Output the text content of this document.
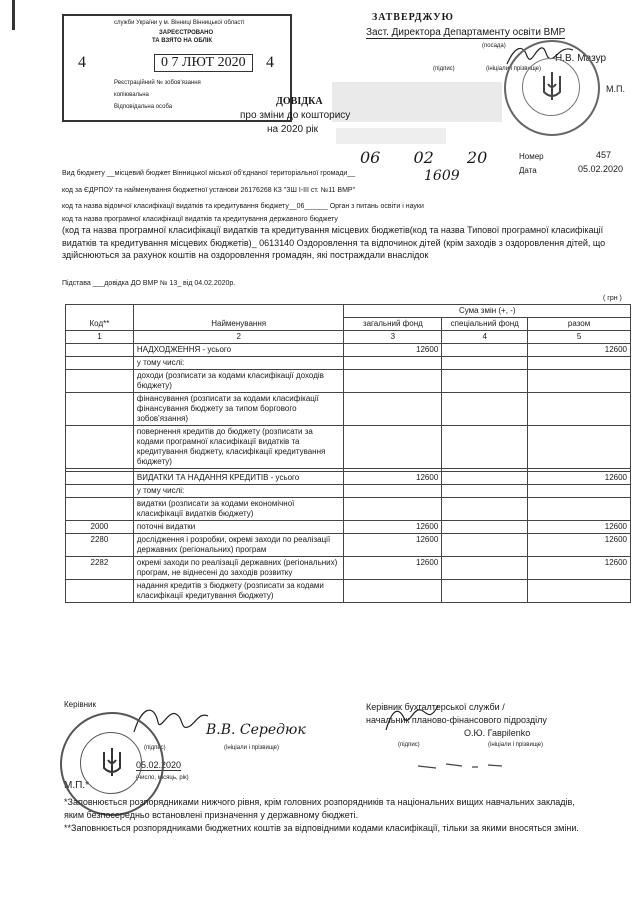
служби України у м. Вінниці Вінницької області
ЗАРЕЄСТРОВАНО
ТА ВЗЯТО НА ОБЛІК
4	0 7 ЛЮТ 2020	4
Реєстраційний № зобов'язання
копіювальна
Відповідальна особа
ЗАТВЕРДЖУЮ
Заст. Директора Департаменту освіти ВМР
(посада)
(підпис)	(ініціали і прізвище)
Н.В. Мазур
М.П.
06 02 20
1609
ДОВІДКА
про зміни до кошторису
на 2020 рік
Номер	457
Дата	05.02.2020
Вид бюджету __місцевий бюджет Вінницької міської об'єднаної територіальної громади__
код за ЄДРПОУ та найменування бюджетної установи 26176268 КЗ "ЗШ І-ІІІ ст. №11 ВМР"
код та назва відомчої класифікації видатків та кредитування бюджету__06______ Орган з питань освіти і науки
код та назва програмної класифікації видатків та кредитування державного бюджету
(код та назва програмної класифікації видатків та кредитування місцевих бюджетів(код та назва Типової програмної класифікації видатків та кредитування місцевих бюджетів)_ 0613140 Оздоровлення та відпочинок дітей (крім заходів з оздоровлення дітей, що здійснюються за рахунок коштів на оздоровлення громадян, які постраждали внаслідок
Підстава ___довідка ДО ВМР № 13_ від 04.02.2020р.
( грн )
Код**	Найменування	Сума змін (+, -)		
		загальний фонд	спеціальний фонд	разом
1	2	3	4	5
	НАДХОДЖЕННЯ - усього	12600		12600
	у тому числі:			
	доходи (розписати за кодами класифікації доходів бюджету)			
	фінансування (розписати за кодами класифікації фінансування бюджету за типом боргового зобов'язання)			
	повернення кредитів до бюджету (розписати за кодами програмної класифікації видатків та кредитування бюджету, класифікації кредитування бюджету)			

	ВИДАТКИ ТА НАДАННЯ КРЕДИТІВ - усього	12600		12600
	у тому числі:			
	видатки (розписати за кодами економічної класифікації видатків бюджету)			
2000	поточні видатки	12600		12600
2280	дослідження і розробки, окремі заходи по реалізації державних (регіональних) програм	12600		12600
2282	окремі заходи по реалізації державних (регіональних) програм, не віднесені до заходів розвитку	12600		12600
	надання кредитів з бюджету (розписати за кодами класифікації кредитування бюджету)			
Керівник
В.В. Середюк
(підпис)	(ініціали і прізвище)
05.02.2020
(число, місяць, рік)
М.П.*
Керівник бухгалтерської служби /
начальник планово-фінансового підрозділу
О.Ю. Гаврilenko
(підпис)	(ініціали і прізвище)
*Заповнюється розпорядниками нижчого рівня, крім головних розпорядників та національних вищих навчальних закладів, яким безпосередньо встановлені призначення у державному бюджеті.
**Заповнюється розпорядниками бюджетних коштів за відповідними кодами класифікації, тільки за якими вносяться зміни.
